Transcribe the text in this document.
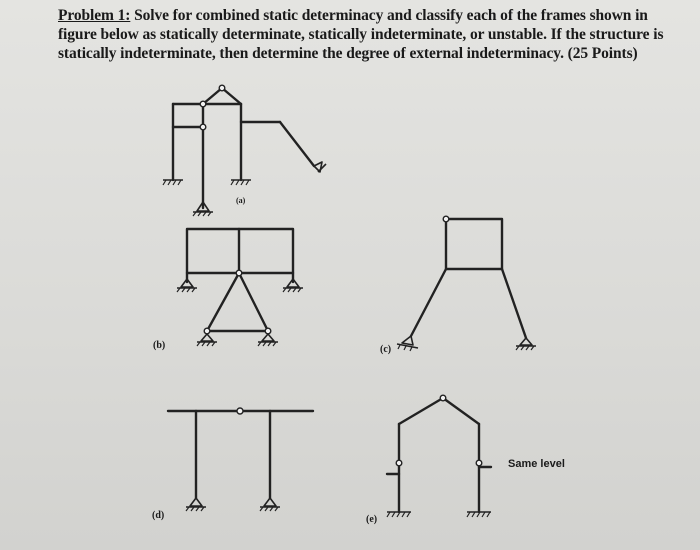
Problem 1: Solve for combined static determinacy and classify each of the frames shown in figure below as statically determinate, statically indeterminate, or unstable. If the structure is statically indeterminate, then determine the degree of external indeterminacy. (25 Points)
(a)
(b)	(c)
(d)	(e)
Same level
